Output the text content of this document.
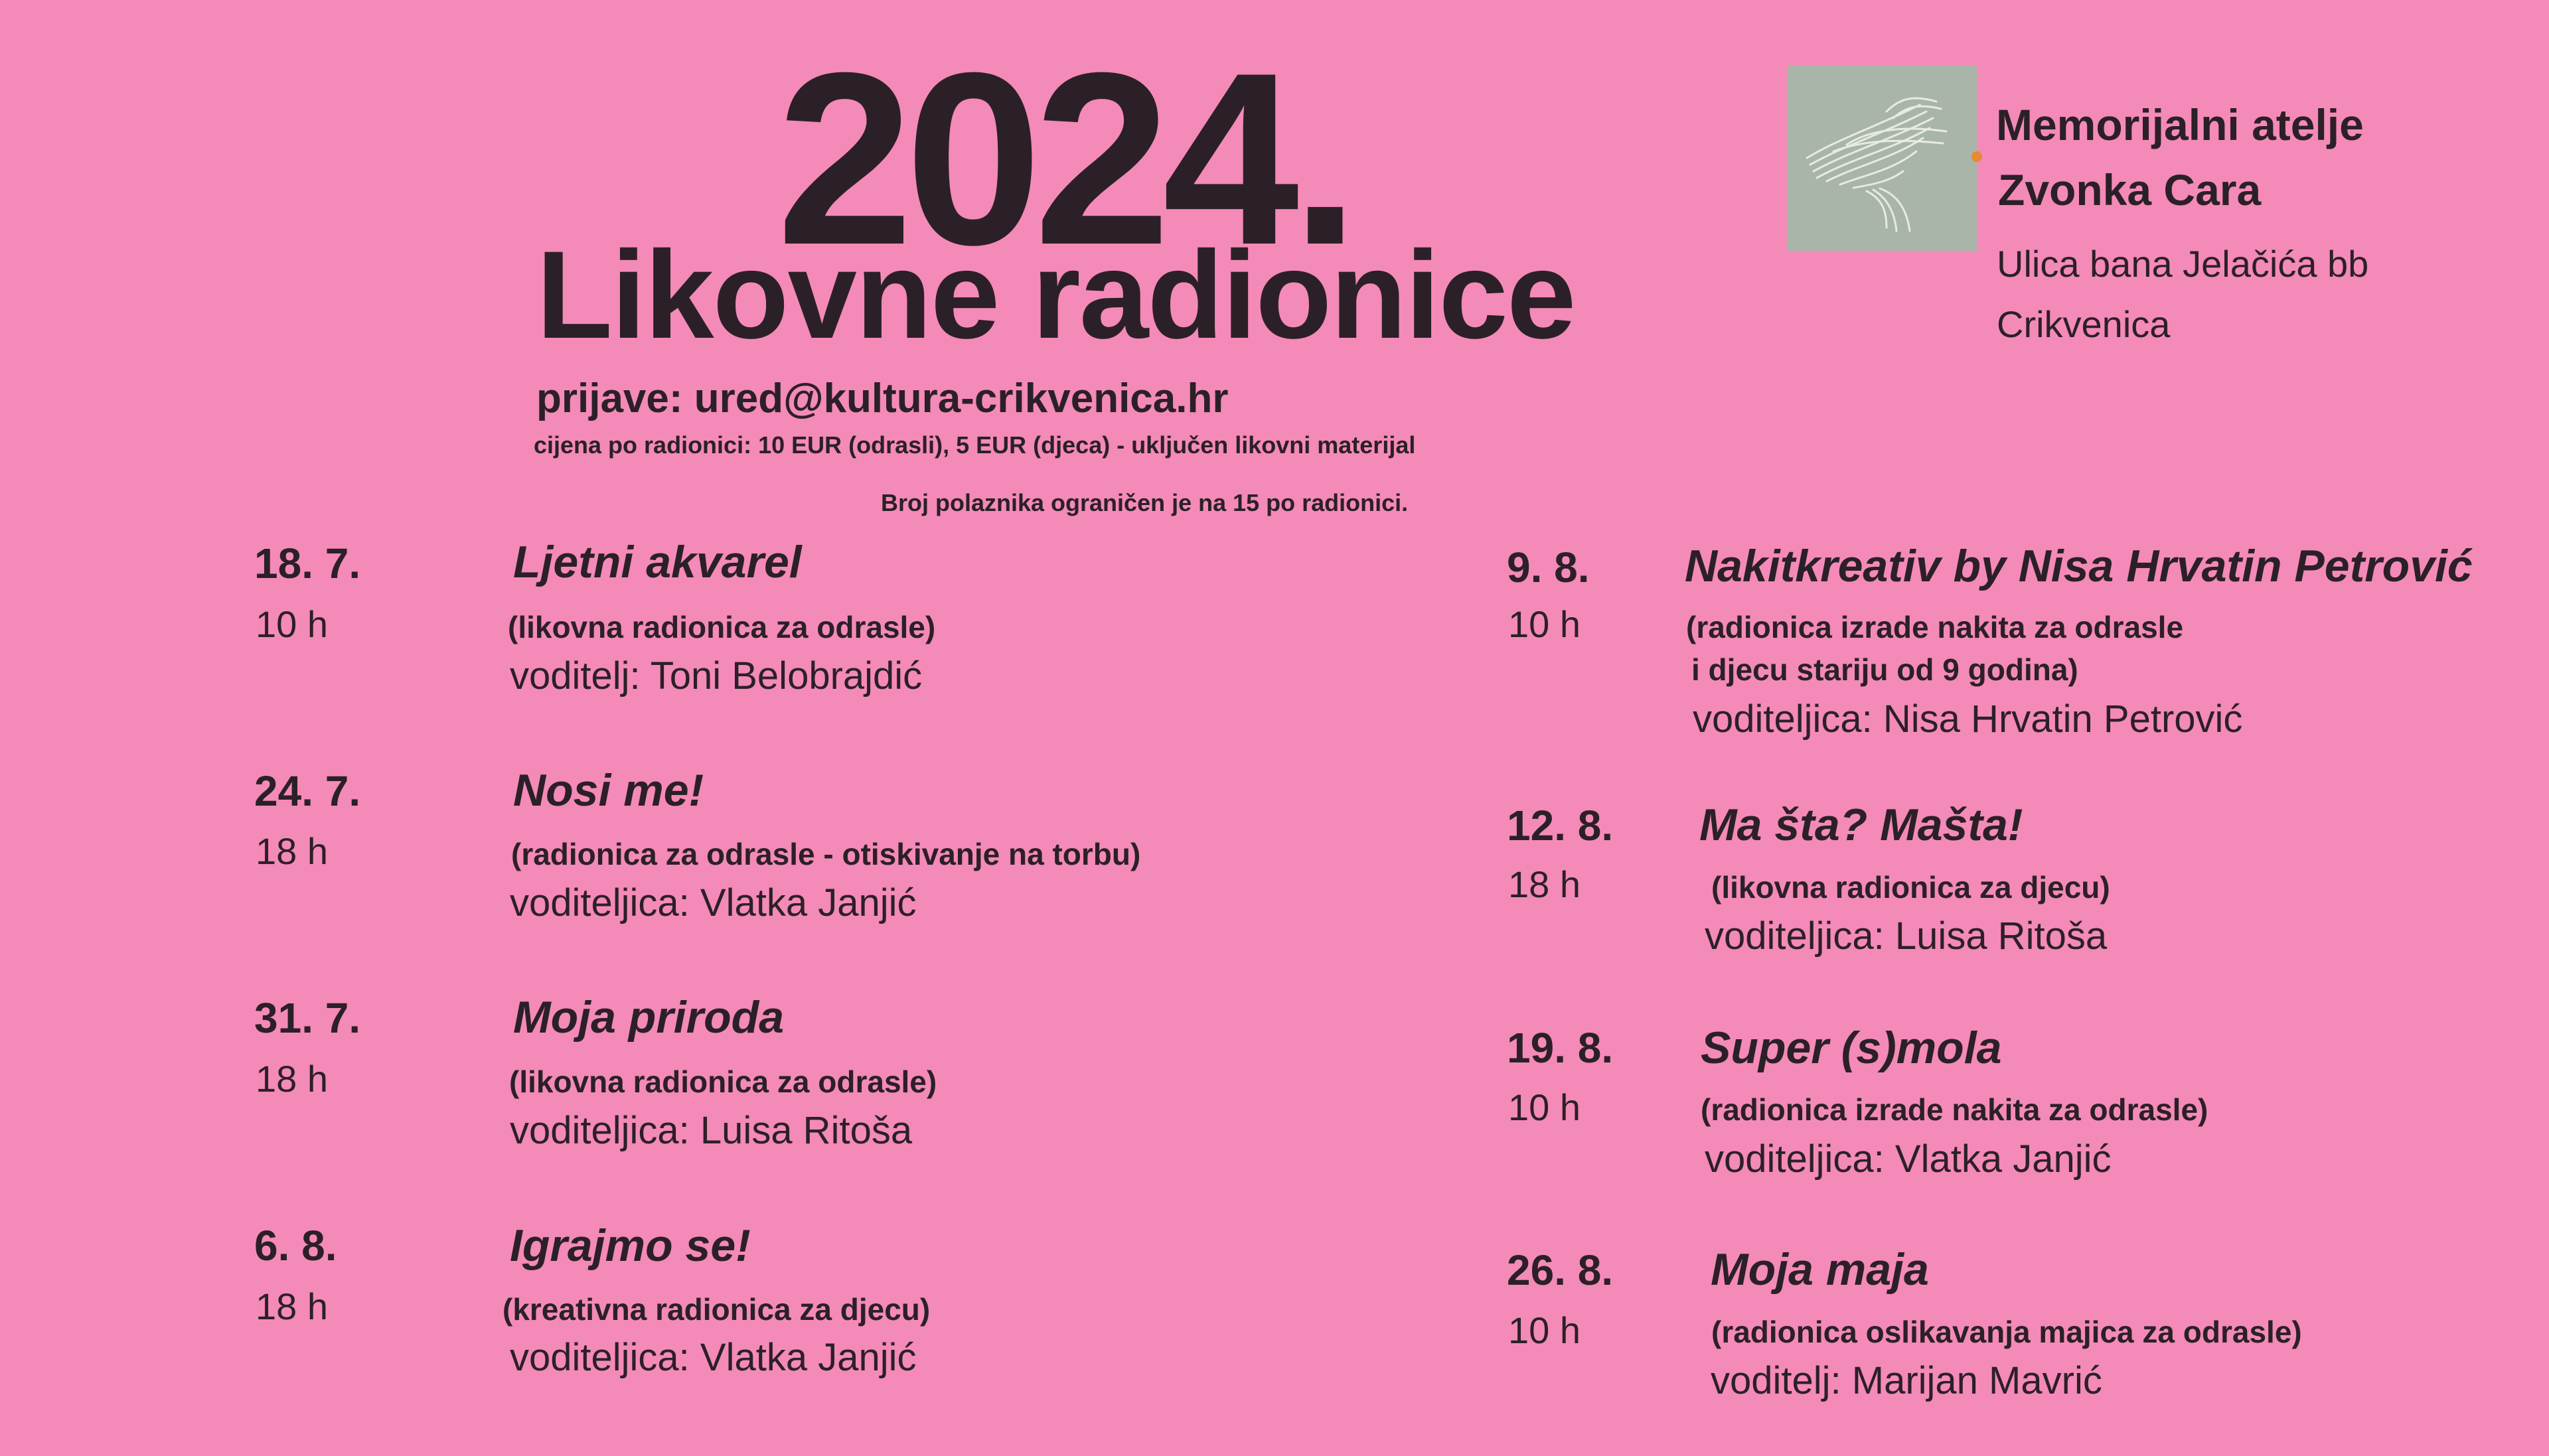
2024.
Likovne radionice
prijave: ured@kultura-crikvenica.hr
cijena po radionici: 10 EUR (odrasli), 5 EUR (djeca) - uključen likovni materijal
Broj polaznika ograničen je na 15 po radionici.
Memorijalni atelje
Zvonka Cara
Ulica bana Jelačića bb
Crikvenica
18. 7.
10 h
Ljetni akvarel
(likovna radionica za odrasle)
voditelj: Toni Belobrajdić
24. 7.
18 h
Nosi me!
(radionica za odrasle - otiskivanje na torbu)
voditeljica: Vlatka Janjić
31. 7.
18 h
Moja priroda
(likovna radionica za odrasle)
voditeljica: Luisa Ritoša
6. 8.
18 h
Igrajmo se!
(kreativna radionica za djecu)
voditeljica: Vlatka Janjić
9. 8.
10 h
Nakitkreativ by Nisa Hrvatin Petrović
(radionica izrade nakita za odrasle
i djecu stariju od 9 godina)
voditeljica: Nisa Hrvatin Petrović
12. 8.
18 h
Ma šta? Mašta!
(likovna radionica za djecu)
voditeljica: Luisa Ritoša
19. 8.
10 h
Super (s)mola
(radionica izrade nakita za odrasle)
voditeljica: Vlatka Janjić
26. 8.
10 h
Moja maja
(radionica oslikavanja majica za odrasle)
voditelj: Marijan Mavrić
